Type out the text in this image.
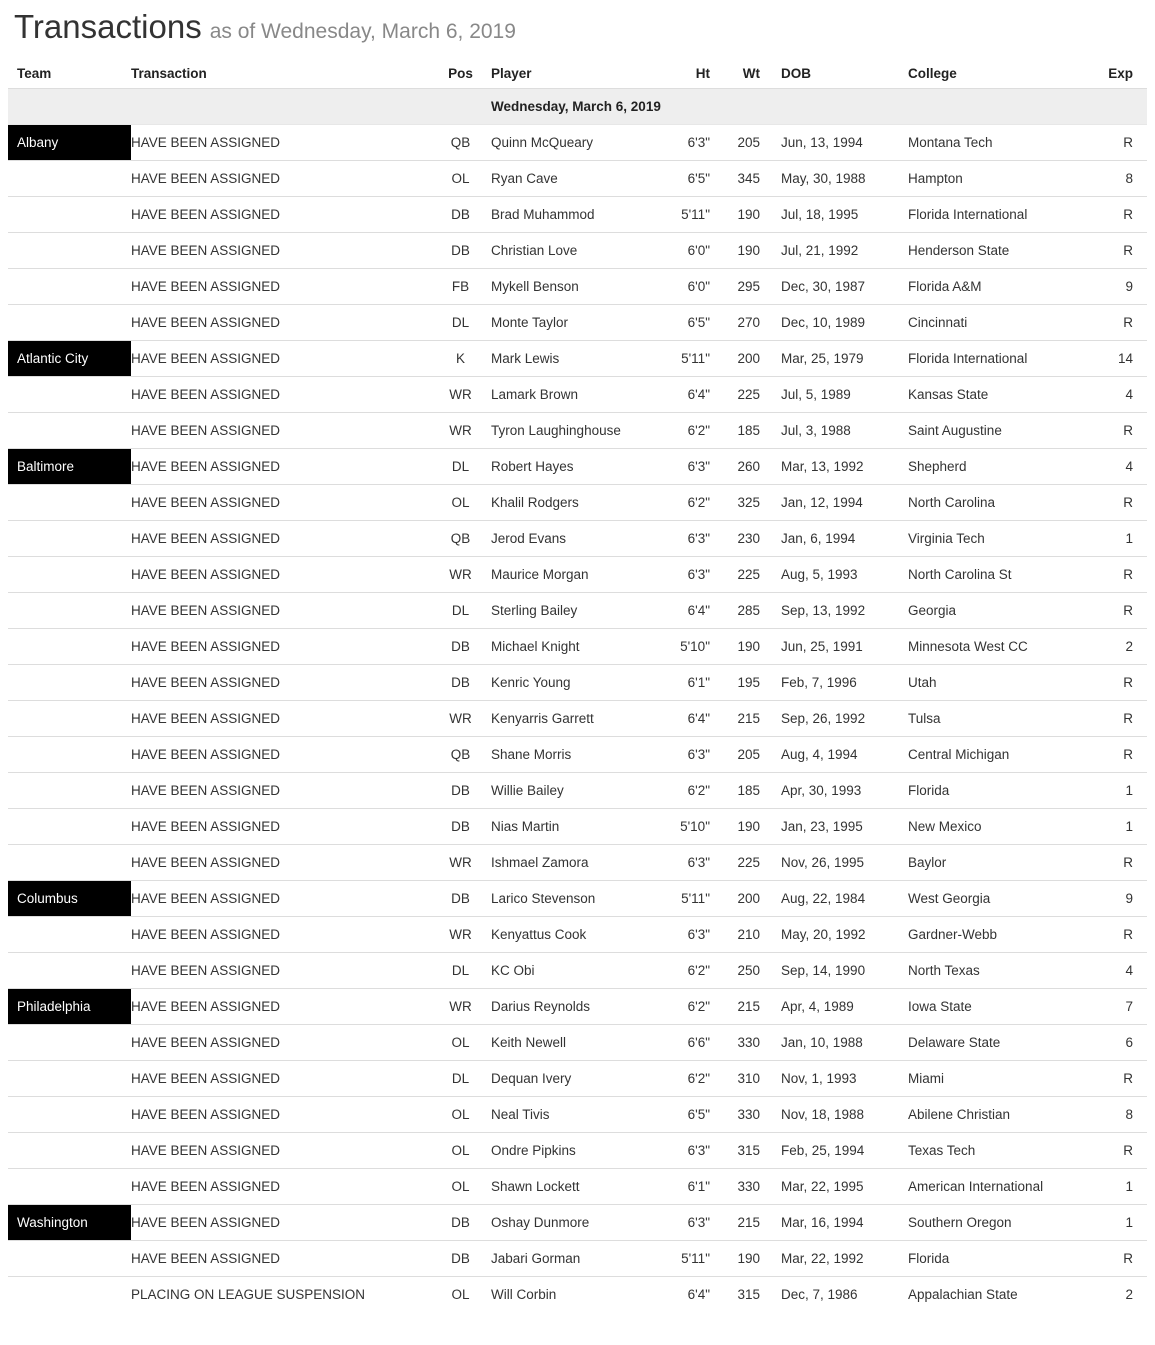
Transactions as of Wednesday, March 6, 2019
Team	Transaction	Pos	Player	Ht	Wt	DOB	College	Exp
Wednesday, March 6, 2019
Albany	HAVE BEEN ASSIGNED	QB	Quinn McQueary	6'3"	205	Jun, 13, 1994	Montana Tech	R
HAVE BEEN ASSIGNED	OL	Ryan Cave	6'5"	345	May, 30, 1988	Hampton	8
HAVE BEEN ASSIGNED	DB	Brad Muhammod	5'11"	190	Jul, 18, 1995	Florida International	R
HAVE BEEN ASSIGNED	DB	Christian Love	6'0"	190	Jul, 21, 1992	Henderson State	R
HAVE BEEN ASSIGNED	FB	Mykell Benson	6'0"	295	Dec, 30, 1987	Florida A&M	9
HAVE BEEN ASSIGNED	DL	Monte Taylor	6'5"	270	Dec, 10, 1989	Cincinnati	R
Atlantic City	HAVE BEEN ASSIGNED	K	Mark Lewis	5'11"	200	Mar, 25, 1979	Florida International	14
HAVE BEEN ASSIGNED	WR	Lamark Brown	6'4"	225	Jul, 5, 1989	Kansas State	4
HAVE BEEN ASSIGNED	WR	Tyron Laughinghouse	6'2"	185	Jul, 3, 1988	Saint Augustine	R
Baltimore	HAVE BEEN ASSIGNED	DL	Robert Hayes	6'3"	260	Mar, 13, 1992	Shepherd	4
HAVE BEEN ASSIGNED	OL	Khalil Rodgers	6'2"	325	Jan, 12, 1994	North Carolina	R
HAVE BEEN ASSIGNED	QB	Jerod Evans	6'3"	230	Jan, 6, 1994	Virginia Tech	1
HAVE BEEN ASSIGNED	WR	Maurice Morgan	6'3"	225	Aug, 5, 1993	North Carolina St	R
HAVE BEEN ASSIGNED	DL	Sterling Bailey	6'4"	285	Sep, 13, 1992	Georgia	R
HAVE BEEN ASSIGNED	DB	Michael Knight	5'10"	190	Jun, 25, 1991	Minnesota West CC	2
HAVE BEEN ASSIGNED	DB	Kenric Young	6'1"	195	Feb, 7, 1996	Utah	R
HAVE BEEN ASSIGNED	WR	Kenyarris Garrett	6'4"	215	Sep, 26, 1992	Tulsa	R
HAVE BEEN ASSIGNED	QB	Shane Morris	6'3"	205	Aug, 4, 1994	Central Michigan	R
HAVE BEEN ASSIGNED	DB	Willie Bailey	6'2"	185	Apr, 30, 1993	Florida	1
HAVE BEEN ASSIGNED	DB	Nias Martin	5'10"	190	Jan, 23, 1995	New Mexico	1
HAVE BEEN ASSIGNED	WR	Ishmael Zamora	6'3"	225	Nov, 26, 1995	Baylor	R
Columbus	HAVE BEEN ASSIGNED	DB	Larico Stevenson	5'11"	200	Aug, 22, 1984	West Georgia	9
HAVE BEEN ASSIGNED	WR	Kenyattus Cook	6'3"	210	May, 20, 1992	Gardner-Webb	R
HAVE BEEN ASSIGNED	DL	KC Obi	6'2"	250	Sep, 14, 1990	North Texas	4
Philadelphia	HAVE BEEN ASSIGNED	WR	Darius Reynolds	6'2"	215	Apr, 4, 1989	Iowa State	7
HAVE BEEN ASSIGNED	OL	Keith Newell	6'6"	330	Jan, 10, 1988	Delaware State	6
HAVE BEEN ASSIGNED	DL	Dequan Ivery	6'2"	310	Nov, 1, 1993	Miami	R
HAVE BEEN ASSIGNED	OL	Neal Tivis	6'5"	330	Nov, 18, 1988	Abilene Christian	8
HAVE BEEN ASSIGNED	OL	Ondre Pipkins	6'3"	315	Feb, 25, 1994	Texas Tech	R
HAVE BEEN ASSIGNED	OL	Shawn Lockett	6'1"	330	Mar, 22, 1995	American International	1
Washington	HAVE BEEN ASSIGNED	DB	Oshay Dunmore	6'3"	215	Mar, 16, 1994	Southern Oregon	1
HAVE BEEN ASSIGNED	DB	Jabari Gorman	5'11"	190	Mar, 22, 1992	Florida	R
PLACING ON LEAGUE SUSPENSION	OL	Will Corbin	6'4"	315	Dec, 7, 1986	Appalachian State	2
